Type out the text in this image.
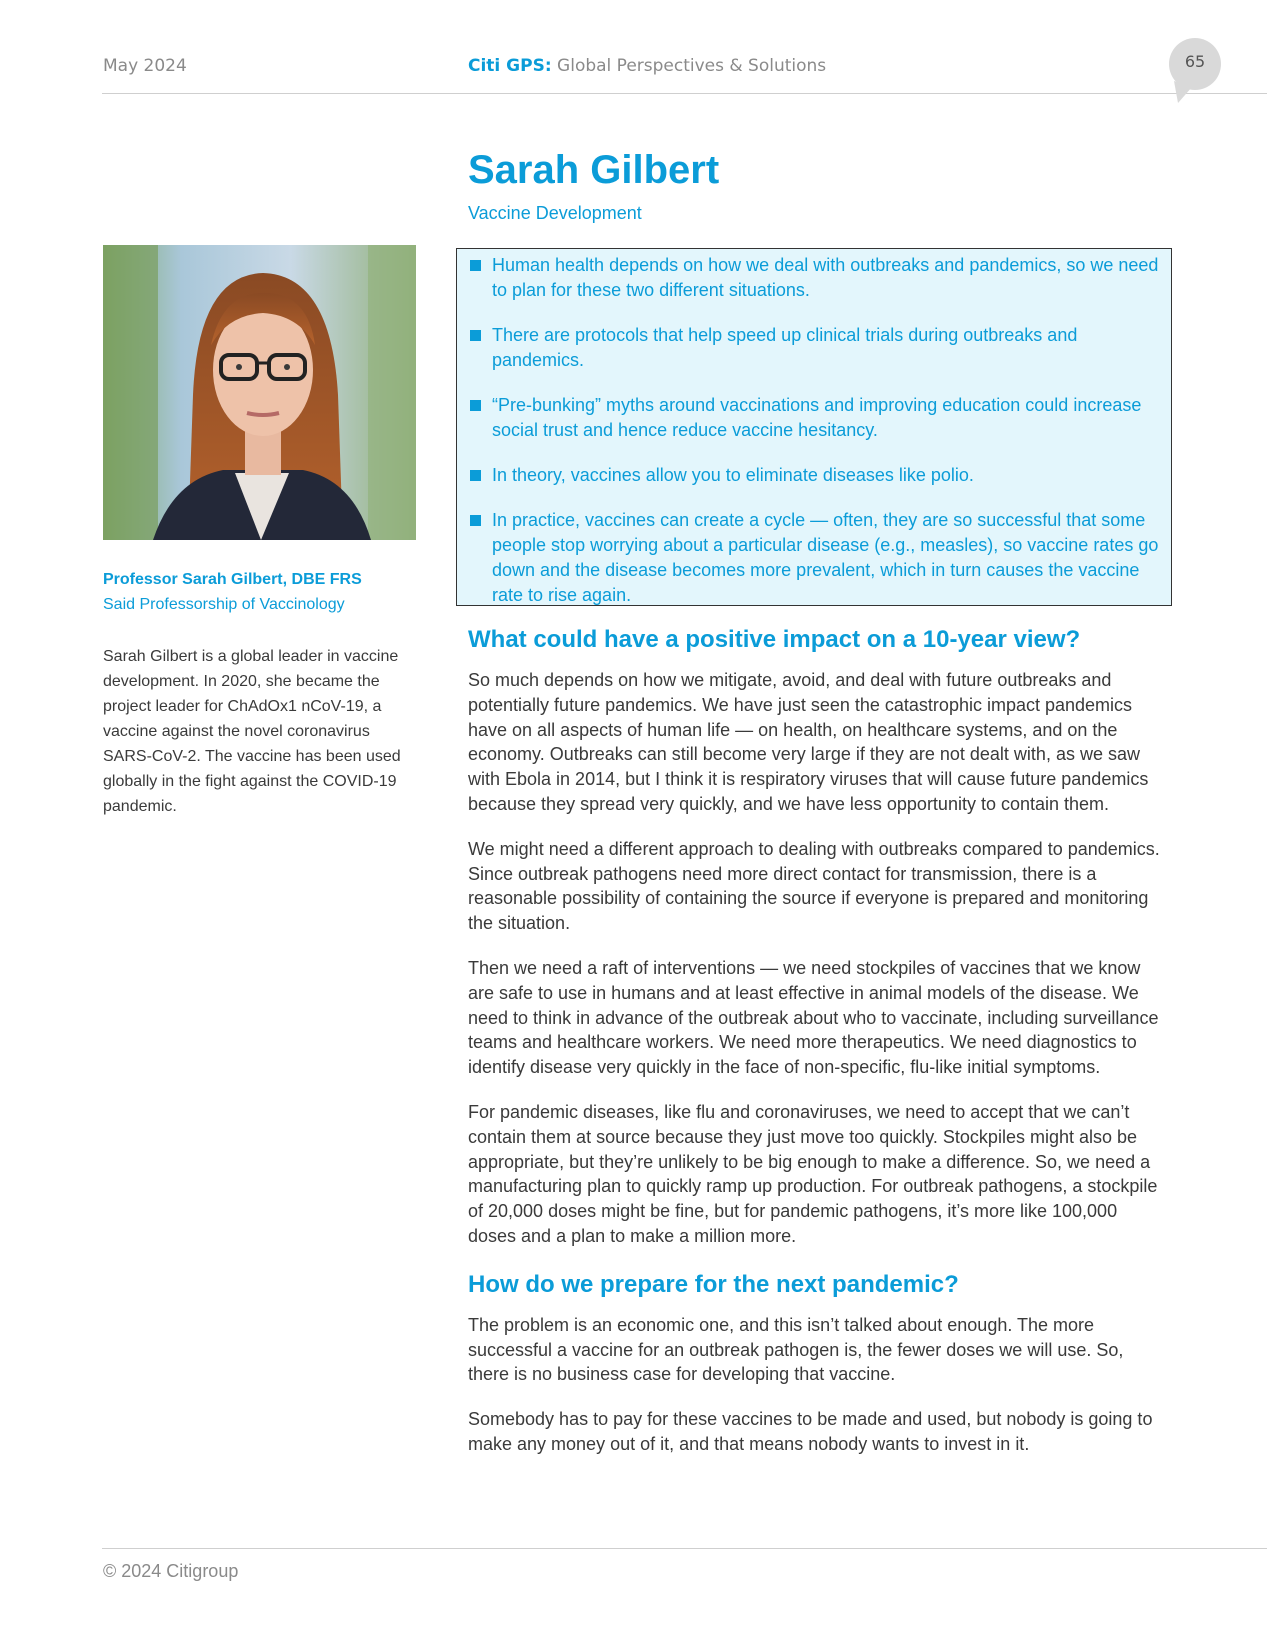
May 2024	Citi GPS: Global Perspectives & Solutions	65
Sarah Gilbert
Vaccine Development
Professor Sarah Gilbert, DBE FRS
Said Professorship of Vaccinology

Sarah Gilbert is a global leader in vaccine development. In 2020, she became the project leader for ChAdOx1 nCoV-19, a vaccine against the novel coronavirus SARS-CoV-2. The vaccine has been used globally in the fight against the COVID-19 pandemic.

Human health depends on how we deal with outbreaks and pandemics, so we need to plan for these two different situations.
There are protocols that help speed up clinical trials during outbreaks and pandemics.
“Pre-bunking” myths around vaccinations and improving education could increase social trust and hence reduce vaccine hesitancy.
In theory, vaccines allow you to eliminate diseases like polio.
In practice, vaccines can create a cycle — often, they are so successful that some people stop worrying about a particular disease (e.g., measles), so vaccine rates go down and the disease becomes more prevalent, which in turn causes the vaccine rate to rise again.
What could have a positive impact on a 10-year view?

So much depends on how we mitigate, avoid, and deal with future outbreaks and potentially future pandemics. We have just seen the catastrophic impact pandemics have on all aspects of human life — on health, on healthcare systems, and on the economy. Outbreaks can still become very large if they are not dealt with, as we saw with Ebola in 2014, but I think it is respiratory viruses that will cause future pandemics because they spread very quickly, and we have less opportunity to contain them.

We might need a different approach to dealing with outbreaks compared to pandemics. Since outbreak pathogens need more direct contact for transmission, there is a reasonable possibility of containing the source if everyone is prepared and monitoring the situation.

Then we need a raft of interventions — we need stockpiles of vaccines that we know are safe to use in humans and at least effective in animal models of the disease. We need to think in advance of the outbreak about who to vaccinate, including surveillance teams and healthcare workers. We need more therapeutics. We need diagnostics to identify disease very quickly in the face of non-specific, flu-like initial symptoms.

For pandemic diseases, like flu and coronaviruses, we need to accept that we can’t contain them at source because they just move too quickly. Stockpiles might also be appropriate, but they’re unlikely to be big enough to make a difference. So, we need a manufacturing plan to quickly ramp up production. For outbreak pathogens, a stockpile of 20,000 doses might be fine, but for pandemic pathogens, it’s more like 100,000 doses and a plan to make a million more.

How do we prepare for the next pandemic?

The problem is an economic one, and this isn’t talked about enough. The more successful a vaccine for an outbreak pathogen is, the fewer doses we will use. So, there is no business case for developing that vaccine.

Somebody has to pay for these vaccines to be made and used, but nobody is going to make any money out of it, and that means nobody wants to invest in it.

© 2024 Citigroup
